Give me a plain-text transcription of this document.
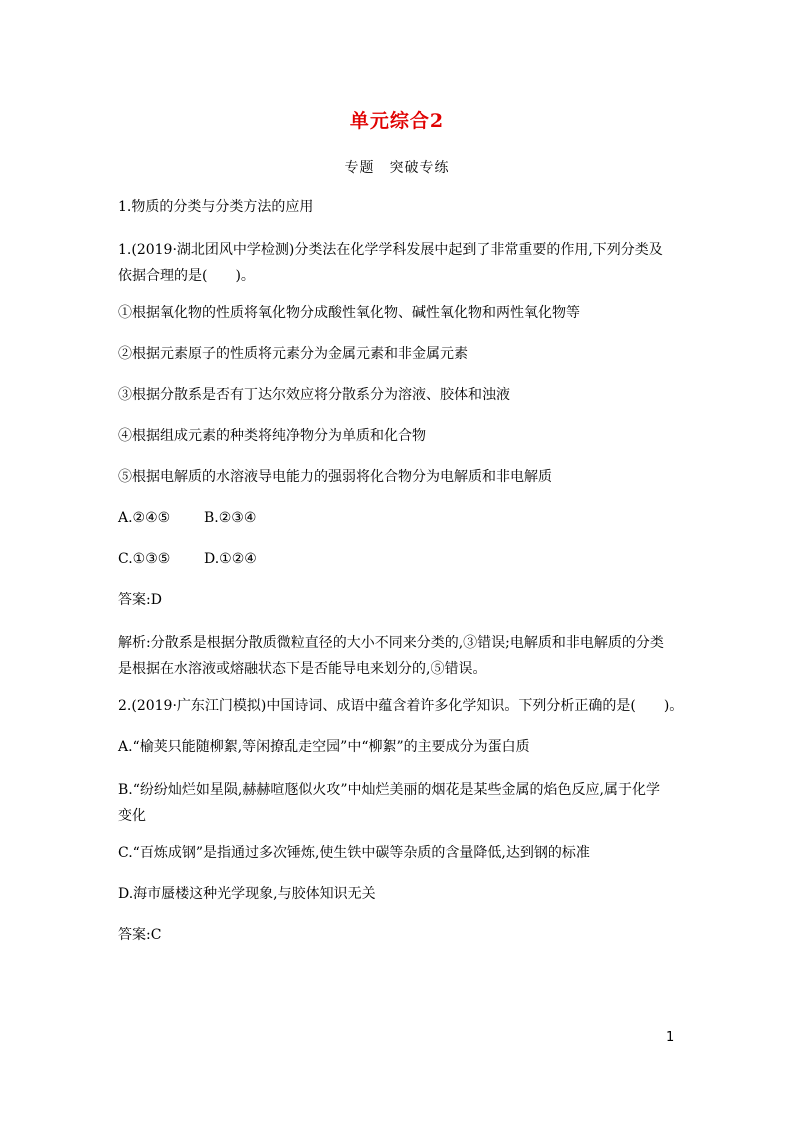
单元综合2
专题　突破专练
1.物质的分类与分类方法的应用
1.(2019·湖北团风中学检测)分类法在化学学科发展中起到了非常重要的作用,下列分类及
依据合理的是(　　)。
①根据氧化物的性质将氧化物分成酸性氧化物、碱性氧化物和两性氧化物等
②根据元素原子的性质将元素分为金属元素和非金属元素
③根据分散系是否有丁达尔效应将分散系分为溶液、胶体和浊液
④根据组成元素的种类将纯净物分为单质和化合物
⑤根据电解质的水溶液导电能力的强弱将化合物分为电解质和非电解质
A.②④⑤ B.②③④
C.①③⑤ D.①②④
答案:D
解析:分散系是根据分散质微粒直径的大小不同来分类的,③错误;电解质和非电解质的分类
是根据在水溶液或熔融状态下是否能导电来划分的,⑤错误。
2.(2019·广东江门模拟)中国诗词、成语中蕴含着许多化学知识。下列分析正确的是(　　)。
A.“榆荚只能随柳絮,等闲撩乱走空园”中“柳絮”的主要成分为蛋白质
B.“纷纷灿烂如星陨,赫赫喧豗似火攻”中灿烂美丽的烟花是某些金属的焰色反应,属于化学
变化
C.“百炼成钢”是指通过多次锤炼,使生铁中碳等杂质的含量降低,达到钢的标准
D.海市蜃楼这种光学现象,与胶体知识无关
答案:C
1
